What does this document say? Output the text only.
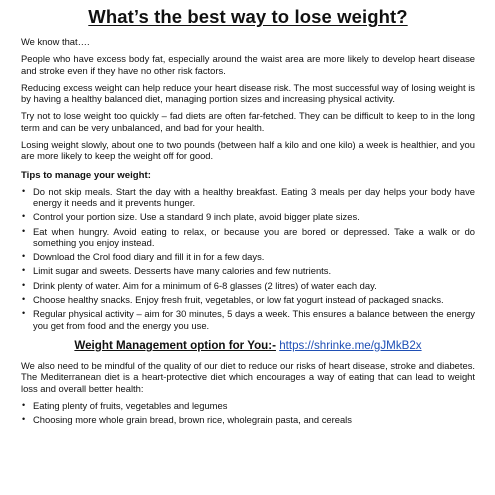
What’s the best way to lose weight?

We know that….

People who have excess body fat, especially around the waist area are more likely to develop heart disease and stroke even if they have no other risk factors.

Reducing excess weight can help reduce your heart disease risk. The most successful way of losing weight is by having a healthy balanced diet, managing portion sizes and increasing physical activity.

Try not to lose weight too quickly – fad diets are often far-fetched. They can be difficult to keep to in the long term and can be very unbalanced, and bad for your health.

Losing weight slowly, about one to two pounds (between half a kilo and one kilo) a week is healthier, and you are more likely to keep the weight off for good.

Tips to manage your weight:
• Do not skip meals. Start the day with a healthy breakfast. Eating 3 meals per day helps your body have energy it needs and it prevents hunger.
• Control your portion size. Use a standard 9 inch plate, avoid bigger plate sizes.
• Eat when hungry. Avoid eating to relax, or because you are bored or depressed. Take a walk or do something you enjoy instead.
• Download the Crol food diary and fill it in for a few days.
• Limit sugar and sweets. Desserts have many calories and few nutrients.
• Drink plenty of water. Aim for a minimum of 6-8 glasses (2 litres) of water each day.
• Choose healthy snacks. Enjoy fresh fruit, vegetables, or low fat yogurt instead of packaged snacks.
• Regular physical activity – aim for 30 minutes, 5 days a week. This ensures a balance between the energy you get from food and the energy you use.
Weight Management option for You:- https://shrinke.me/gJMkB2x

We also need to be mindful of the quality of our diet to reduce our risks of heart disease, stroke and diabetes. The Mediterranean diet is a heart-protective diet which encourages a way of eating that can lead to weight loss and overall better health:

• Eating plenty of fruits, vegetables and legumes
• Choosing more whole grain bread, brown rice, wholegrain pasta, and cereals
